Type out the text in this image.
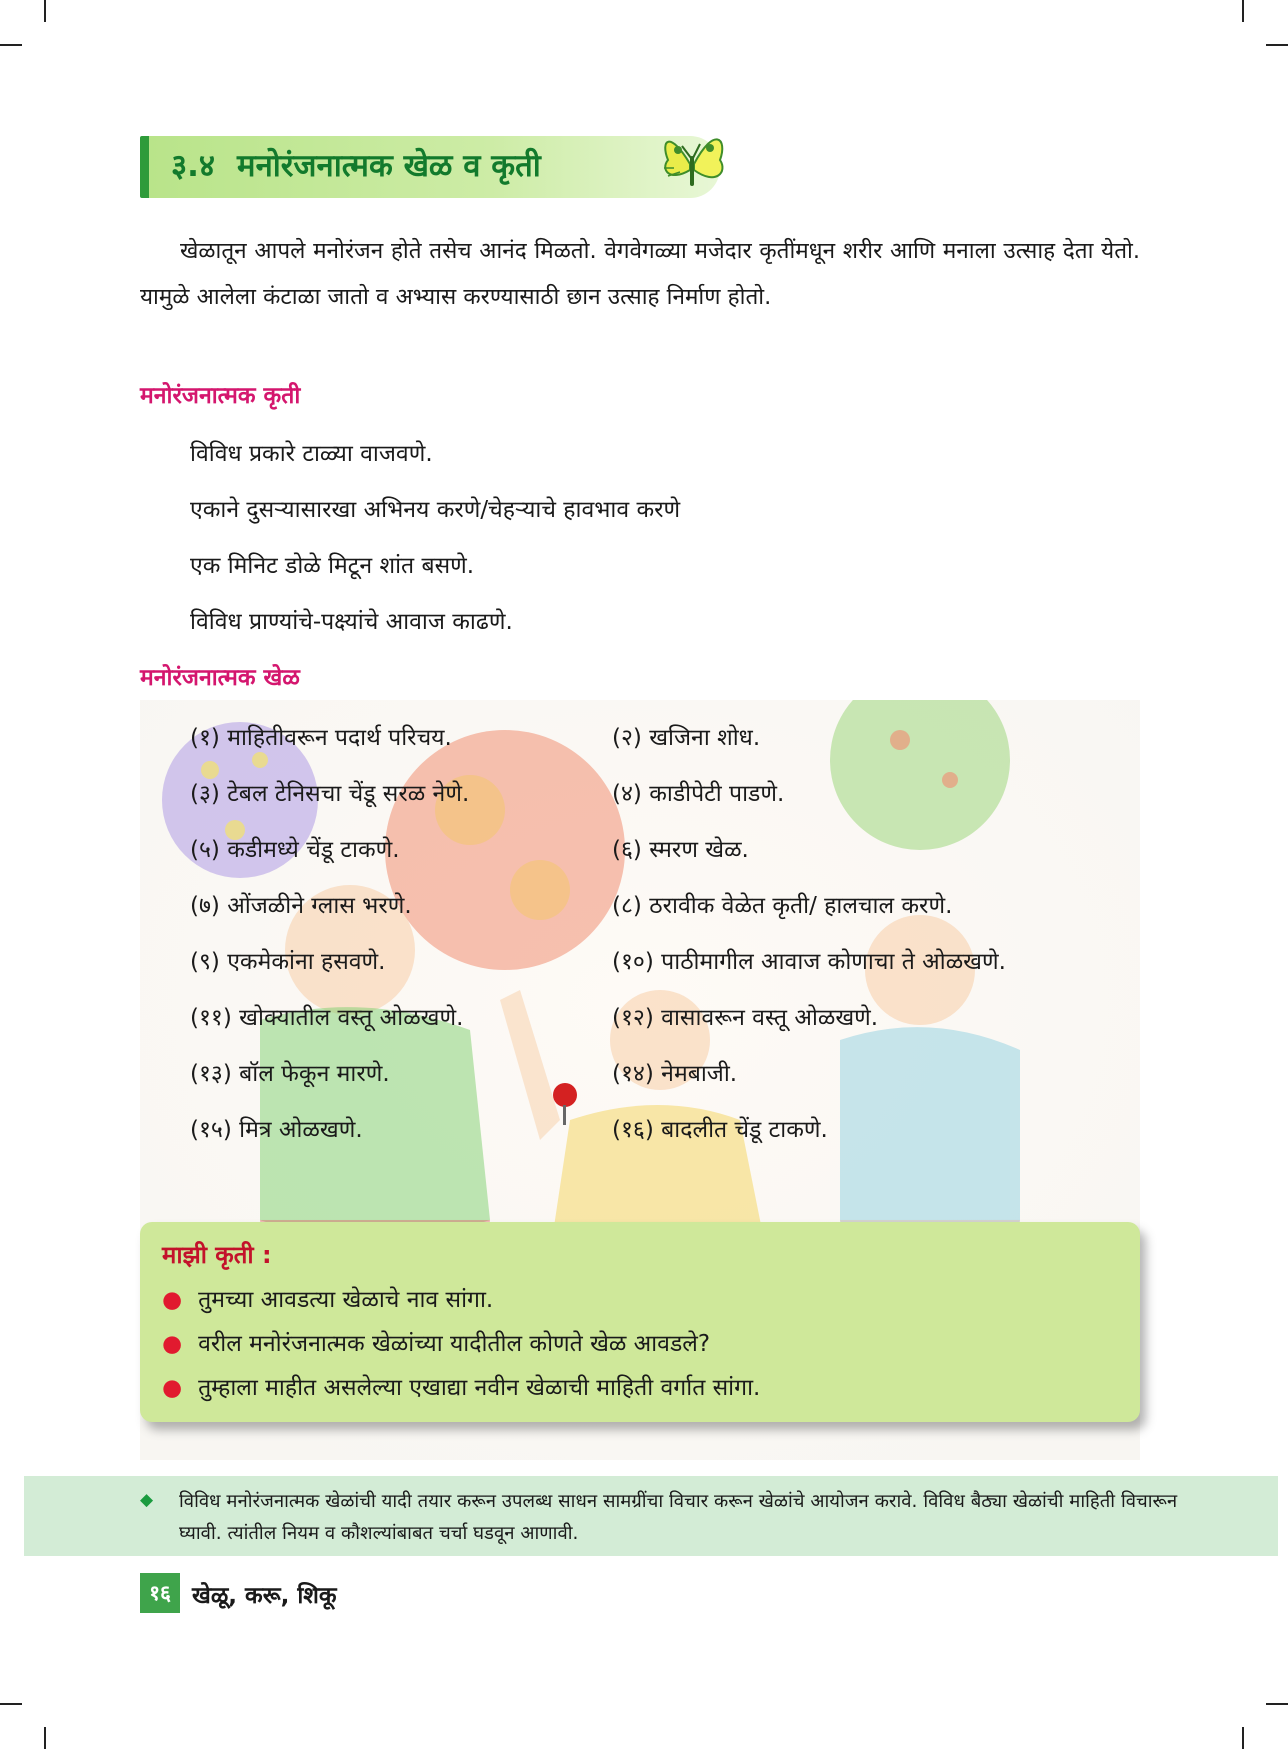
३.४ मनोरंजनात्मक खेळ व कृती
खेळातून आपले मनोरंजन होते तसेच आनंद मिळतो. वेगवेगळ्या मजेदार कृतींमधून शरीर आणि मनाला उत्साह देता येतो. यामुळे आलेला कंटाळा जातो व अभ्यास करण्यासाठी छान उत्साह निर्माण होतो.
मनोरंजनात्मक कृती
विविध प्रकारे टाळ्या वाजवणे.
एकाने दुसऱ्यासारखा अभिनय करणे/चेहऱ्याचे हावभाव करणे
एक मिनिट डोळे मिटून शांत बसणे.
विविध प्राण्यांचे-पक्ष्यांचे आवाज काढणे.
मनोरंजनात्मक खेळ
(१) माहितीवरून पदार्थ परिचय.	(२) खजिना शोध.
(३) टेबल टेनिसचा चेंडू सरळ नेणे.	(४) काडीपेटी पाडणे.
(५) कडीमध्ये चेंडू टाकणे.	(६) स्मरण खेळ.
(७) ओंजळीने ग्लास भरणे.	(८) ठरावीक वेळेत कृती/ हालचाल करणे.
(९) एकमेकांना हसवणे.	(१०) पाठीमागील आवाज कोणाचा ते ओळखणे.
(११) खोक्यातील वस्तू ओळखणे.	(१२) वासावरून वस्तू ओळखणे.
(१३) बॉल फेकून मारणे.	(१४) नेमबाजी.
(१५) मित्र ओळखणे.	(१६) बादलीत चेंडू टाकणे.
माझी कृती :
● तुमच्या आवडत्या खेळाचे नाव सांगा.
● वरील मनोरंजनात्मक खेळांच्या यादीतील कोणते खेळ आवडले?
● तुम्हाला माहीत असलेल्या एखाद्या नवीन खेळाची माहिती वर्गात सांगा.
◆ विविध मनोरंजनात्मक खेळांची यादी तयार करून उपलब्ध साधन सामग्रींचा विचार करून खेळांचे आयोजन करावे. विविध बैठ्या खेळांची माहिती विचारून घ्यावी. त्यांतील नियम व कौशल्यांबाबत चर्चा घडवून आणावी.
१६ खेळू, करू, शिकू
